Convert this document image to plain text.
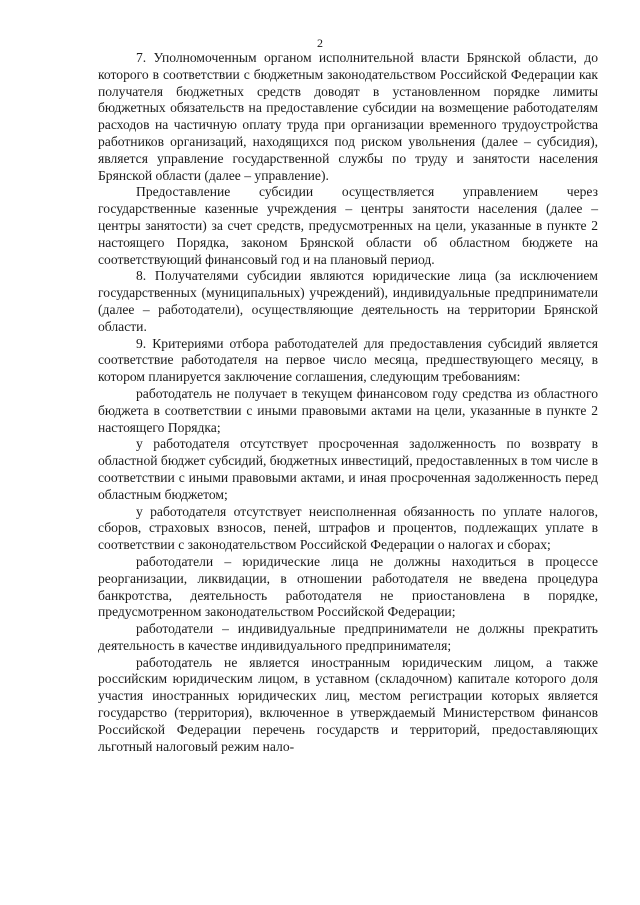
2

7. Уполномоченным органом исполнительной власти Брянской области, до которого в соответствии с бюджетным законодательством Российской Федерации как получателя бюджетных средств доводят в установленном порядке лимиты бюджетных обязательств на предоставление субсидии на возмещение работодателям расходов на частичную оплату труда при организации временного трудоустройства работников организаций, находящихся под риском увольнения (далее – субсидия), является управление государственной службы по труду и занятости населения Брянской области (далее – управление).

Предоставление субсидии осуществляется управлением через государственные казенные учреждения – центры занятости населения (далее – центры занятости) за счет средств, предусмотренных на цели, указанные в пункте 2 настоящего Порядка, законом Брянской области об областном бюджете на соответствующий финансовый год и на плановый период.

8. Получателями субсидии являются юридические лица (за исключением государственных (муниципальных) учреждений), индивидуальные предприниматели (далее – работодатели), осуществляющие деятельность на территории Брянской области.

9. Критериями отбора работодателей для предоставления субсидий является соответствие работодателя на первое число месяца, предшествующего месяцу, в котором планируется заключение соглашения, следующим требованиям:

работодатель не получает в текущем финансовом году средства из областного бюджета в соответствии с иными правовыми актами на цели, указанные в пункте 2 настоящего Порядка;

у работодателя отсутствует просроченная задолженность по возврату в областной бюджет субсидий, бюджетных инвестиций, предоставленных в том числе в соответствии с иными правовыми актами, и иная просроченная задолженность перед областным бюджетом;

у работодателя отсутствует неисполненная обязанность по уплате налогов, сборов, страховых взносов, пеней, штрафов и процентов, подлежащих уплате в соответствии с законодательством Российской Федерации о налогах и сборах;

работодатели – юридические лица не должны находиться в процессе реорганизации, ликвидации, в отношении работодателя не введена процедура банкротства, деятельность работодателя не приостановлена в порядке, предусмотренном законодательством Российской Федерации;

работодатели – индивидуальные предприниматели не должны прекратить деятельность в качестве индивидуального предпринимателя;

работодатель не является иностранным юридическим лицом, а также российским юридическим лицом, в уставном (складочном) капитале которого доля участия иностранных юридических лиц, местом регистрации которых является государство (территория), включенное в утверждаемый Министерством финансов Российской Федерации перечень государств и территорий, предоставляющих льготный налоговый режим нало-
